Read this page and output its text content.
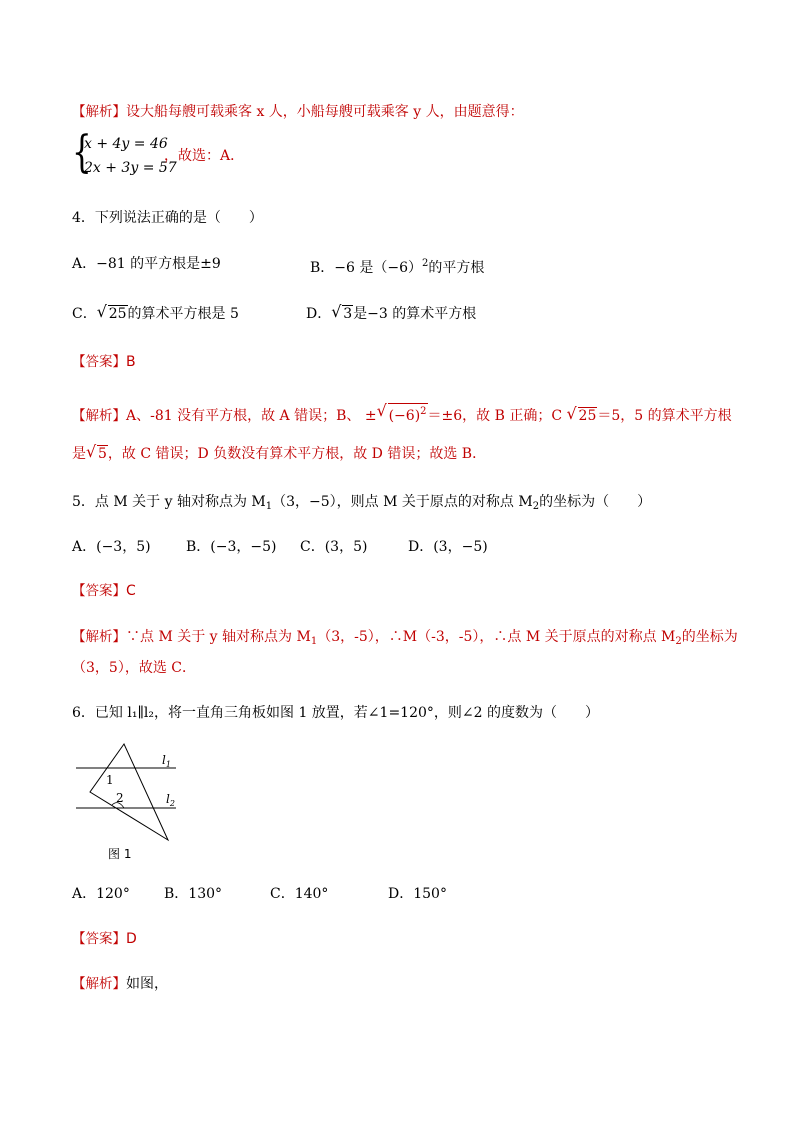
【解析】设大船每艘可载乘客 x 人，小船每艘可载乘客 y 人，由题意得：
{
x + 4y = 46
2x + 3y = 57
，故选：A．
4．下列说法正确的是（　　）
A．−81 的平方根是±9	B．−6 是$(-6)^2$的平方根
C． √ 25的算术平方根是 5	D． √ 3是−3 的算术平方根
【答案】B
【解析】A、-81 没有平方根，故 A 错误；B、 ± √ $(-6)^2=\pm 6$，故 B 正确；C √ 25＝5，5 的算术平方根
是 √ 5，故 C 错误；D 负数没有算术平方根，故 D 错误；故选 B．
5．点 M 关于 y 轴对称点为 $M_1(3$，−5），则点 M 关于原点的对称点 $M_2$的坐标为（　　）
A．(−3，5)	B．(−3，−5) C．(3，5)	D．(3，−5)
【答案】C
【解析】∵点 M 关于 y 轴对称点为 $M_1(3$，-5），∴M（-3，-5），∴点 M 关于原点的对称点 $M_2$的坐标为
（3，5），故选 C．
6．已知 l₁∥l₂，将一直角三角板如图 1 放置，若∠1=120°，则∠2 的度数为（　　）
1
2
$l_1$
$l_2$
图 1
A．120° B．130°	C．140°	D．150°
【答案】D
【解析】如图，
